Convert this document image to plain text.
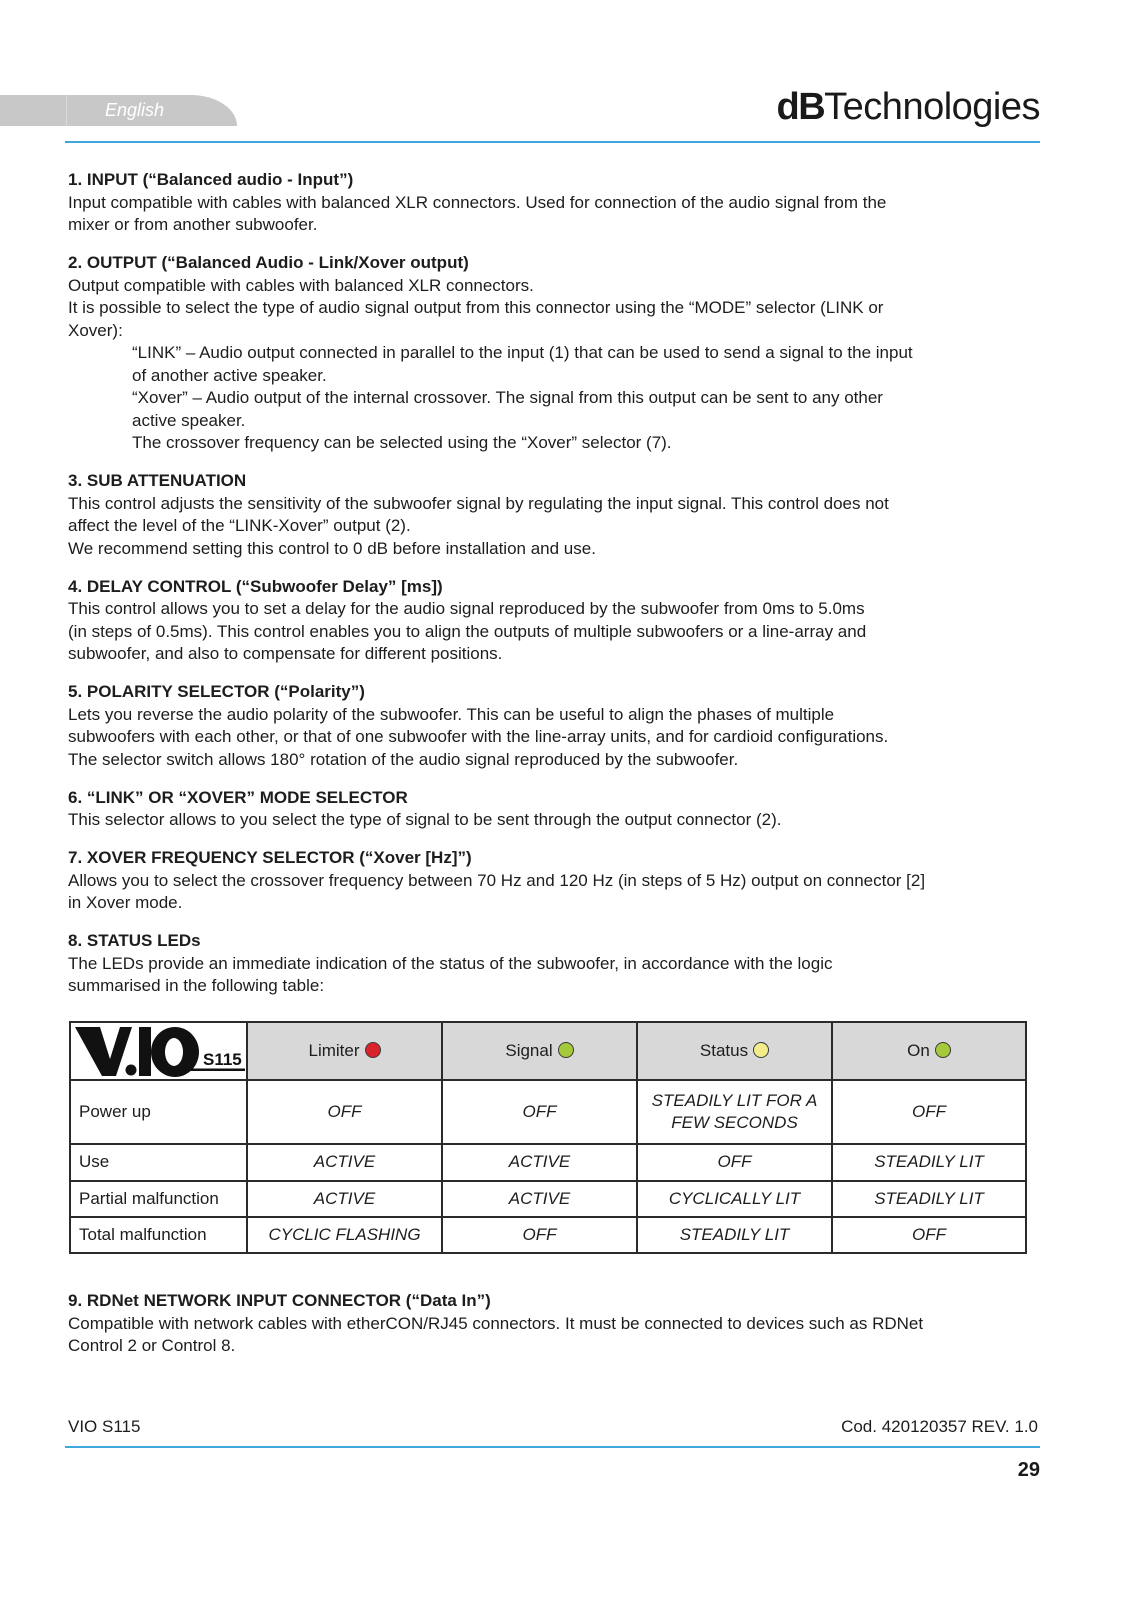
English	dBTechnologies
1. INPUT (“Balanced audio - Input”)
Input compatible with cables with balanced XLR connectors. Used for connection of the audio signal from the
mixer or from another subwoofer.
2. OUTPUT (“Balanced Audio - Link/Xover output)
Output compatible with cables with balanced XLR connectors.
It is possible to select the type of audio signal output from this connector using the “MODE” selector (LINK or
Xover):
“LINK” – Audio output connected in parallel to the input (1) that can be used to send a signal to the input
of another active speaker.
“Xover” – Audio output of the internal crossover. The signal from this output can be sent to any other
active speaker.
The crossover frequency can be selected using the “Xover” selector (7).
3. SUB ATTENUATION
This control adjusts the sensitivity of the subwoofer signal by regulating the input signal. This control does not
affect the level of the “LINK-Xover” output (2).
We recommend setting this control to 0 dB before installation and use.
4. DELAY CONTROL (“Subwoofer Delay” [ms])
This control allows you to set a delay for the audio signal reproduced by the subwoofer from 0ms to 5.0ms
(in steps of 0.5ms). This control enables you to align the outputs of multiple subwoofers or a line-array and
subwoofer, and also to compensate for different positions.
5. POLARITY SELECTOR (“Polarity”)
Lets you reverse the audio polarity of the subwoofer. This can be useful to align the phases of multiple
subwoofers with each other, or that of one subwoofer with the line-array units, and for cardioid configurations.
The selector switch allows 180° rotation of the audio signal reproduced by the subwoofer.
6. “LINK” OR “XOVER” MODE SELECTOR
This selector allows to you select the type of signal to be sent through the output connector (2).
7. XOVER FREQUENCY SELECTOR (“Xover [Hz]”)
Allows you to select the crossover frequency between 70 Hz and 120 Hz (in steps of 5 Hz) output on connector [2]
in Xover mode.
8. STATUS LEDs
The LEDs provide an immediate indication of the status of the subwoofer, in accordance with the logic
summarised in the following table:
S115	Limiter	Signal	Status	On
Power up	OFF	OFF	STEADILY LIT FOR A FEW SECONDS	OFF
Use	ACTIVE	ACTIVE	OFF	STEADILY LIT
Partial malfunction	ACTIVE	ACTIVE	CYCLICALLY LIT	STEADILY LIT
Total malfunction	CYCLIC FLASHING	OFF	STEADILY LIT	OFF
9. RDNet NETWORK INPUT CONNECTOR (“Data In”)
Compatible with network cables with etherCON/RJ45 connectors. It must be connected to devices such as RDNet
Control 2 or Control 8.
VIO S115	Cod. 420120357 REV. 1.0
29
